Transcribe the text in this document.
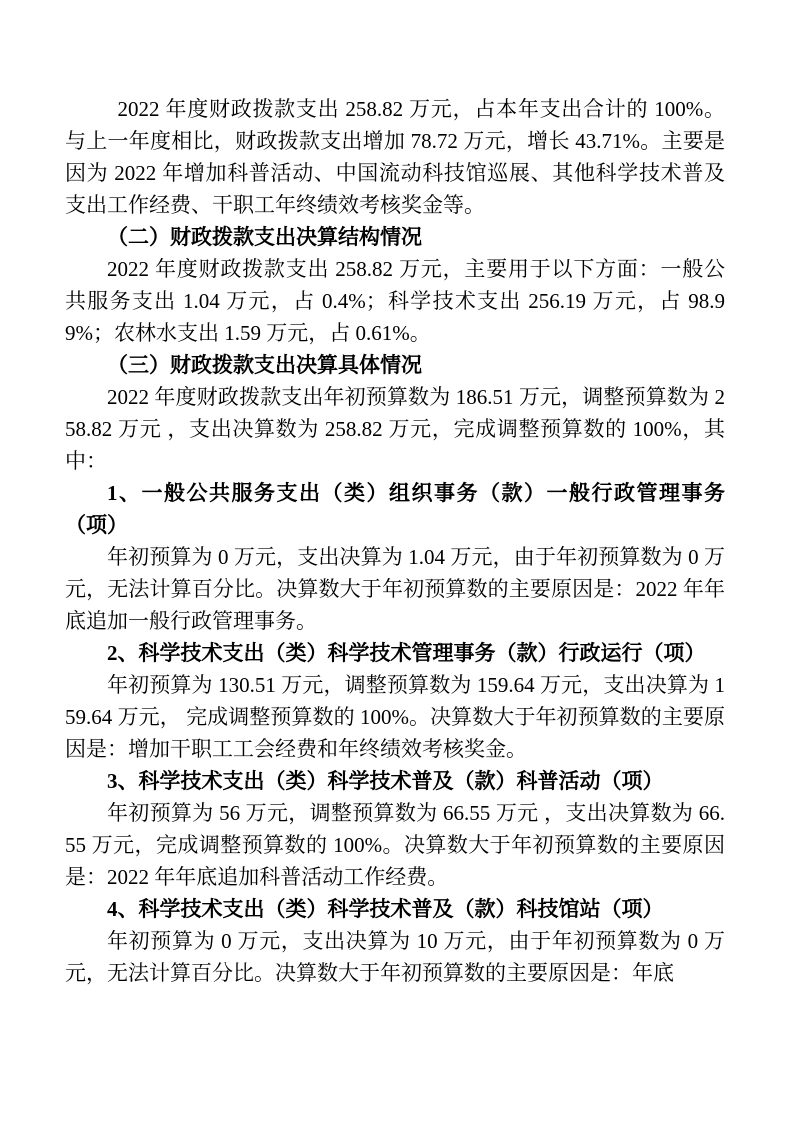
2022 年度财政拨款支出 258.82 万元，占本年支出合计的 100%。与上一年度相比，财政拨款支出增加 78.72 万元，增长 43.71%。主要是因为 2022 年增加科普活动、中国流动科技馆巡展、其他科学技术普及支出工作经费、干职工年终绩效考核奖金等。

（二）财政拨款支出决算结构情况

2022 年度财政拨款支出 258.82 万元，主要用于以下方面：一般公共服务支出 1.04 万元，占 0.4%；科学技术支出 256.19 万元，占 98.99%；农林水支出 1.59 万元，占 0.61%。

（三）财政拨款支出决算具体情况

2022 年度财政拨款支出年初预算数为 186.51 万元，调整预算数为 258.82 万元 ，支出决算数为 258.82 万元，完成调整预算数的 100%，其中：

1、一般公共服务支出（类）组织事务（款）一般行政管理事务（项）

年初预算为 0 万元，支出决算为 1.04 万元，由于年初预算数为 0 万元，无法计算百分比。决算数大于年初预算数的主要原因是：2022 年年底追加一般行政管理事务。

2、科学技术支出（类）科学技术管理事务（款）行政运行（项）

年初预算为 130.51 万元，调整预算数为 159.64 万元，支出决算为 159.64 万元， 完成调整预算数的 100%。决算数大于年初预算数的主要原因是：增加干职工工会经费和年终绩效考核奖金。

3、科学技术支出（类）科学技术普及（款）科普活动（项）

年初预算为 56 万元，调整预算数为 66.55 万元 ，支出决算数为 66.55 万元，完成调整预算数的 100%。决算数大于年初预算数的主要原因是：2022 年年底追加科普活动工作经费。

4、科学技术支出（类）科学技术普及（款）科技馆站（项）

年初预算为 0 万元，支出决算为 10 万元，由于年初预算数为 0 万元，无法计算百分比。决算数大于年初预算数的主要原因是：年底
